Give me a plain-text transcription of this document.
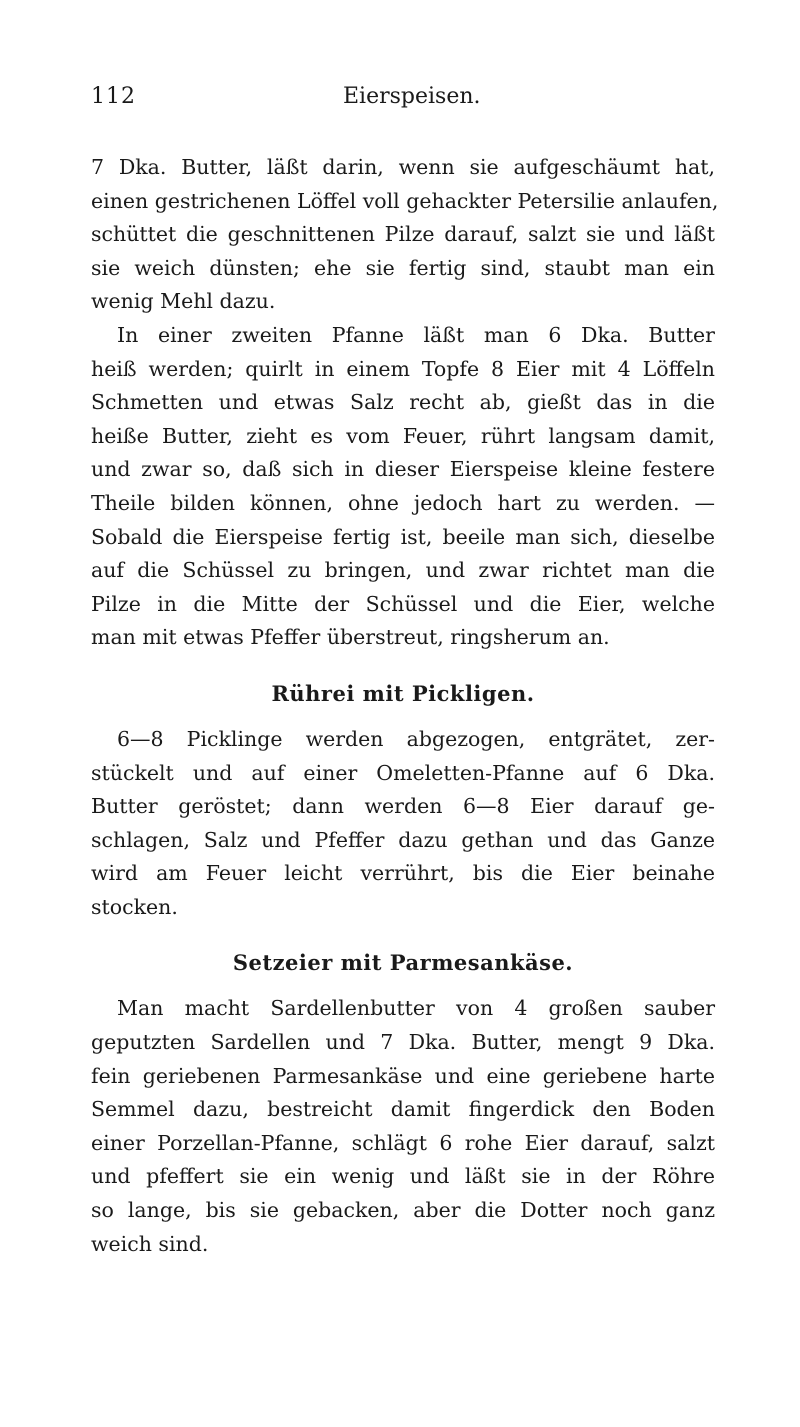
112	Eierspeisen.
7 Dka. Butter, läßt darin, wenn sie aufgeschäumt hat,
einen gestrichenen Löffel voll gehackter Petersilie anlaufen,
schüttet die geschnittenen Pilze darauf, salzt sie und läßt
sie weich dünsten; ehe sie fertig sind, staubt man ein
wenig Mehl dazu.
In einer zweiten Pfanne läßt man 6 Dka. Butter
heiß werden; quirlt in einem Topfe 8 Eier mit 4 Löffeln
Schmetten und etwas Salz recht ab, gießt das in die
heiße Butter, zieht es vom Feuer, rührt langsam damit,
und zwar so, daß sich in dieser Eierspeise kleine festere
Theile bilden können, ohne jedoch hart zu werden. —
Sobald die Eierspeise fertig ist, beeile man sich, dieselbe
auf die Schüssel zu bringen, und zwar richtet man die
Pilze in die Mitte der Schüssel und die Eier, welche
man mit etwas Pfeffer überstreut, ringsherum an.
Rührei mit Pickligen.
6—8 Picklinge werden abgezogen, entgrätet, zer-
stückelt und auf einer Omeletten-Pfanne auf 6 Dka.
Butter geröstet; dann werden 6—8 Eier darauf ge-
schlagen, Salz und Pfeffer dazu gethan und das Ganze
wird am Feuer leicht verrührt, bis die Eier beinahe
stocken.
Setzeier mit Parmesankäse.
Man macht Sardellenbutter von 4 großen sauber
geputzten Sardellen und 7 Dka. Butter, mengt 9 Dka.
fein geriebenen Parmesankäse und eine geriebene harte
Semmel dazu, bestreicht damit fingerdick den Boden
einer Porzellan-Pfanne, schlägt 6 rohe Eier darauf, salzt
und pfeffert sie ein wenig und läßt sie in der Röhre
so lange, bis sie gebacken, aber die Dotter noch ganz
weich sind.
